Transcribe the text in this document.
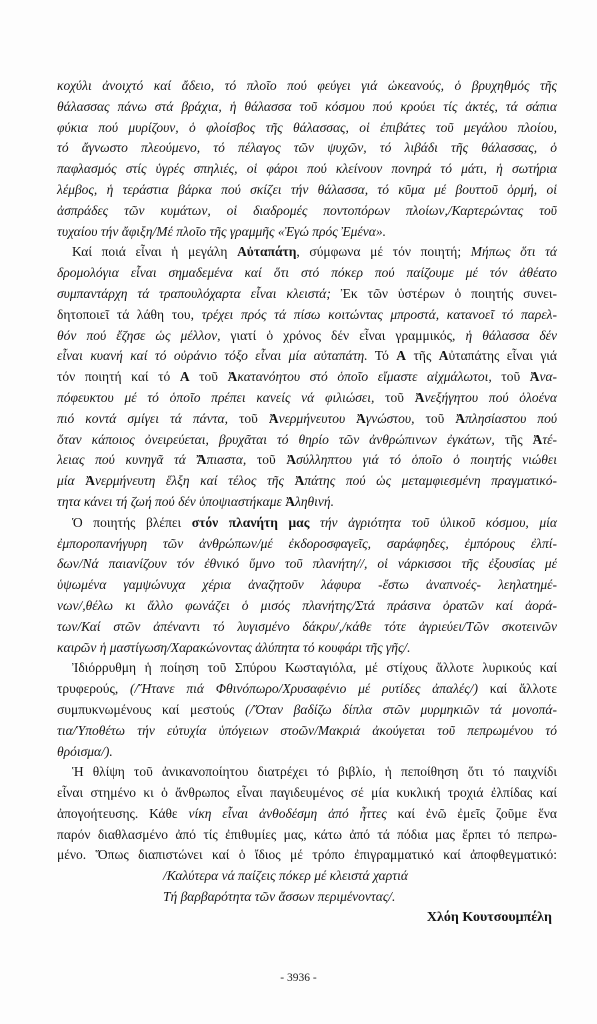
κοχύλι ἀνοιχτό καί ἄδειο, τό πλοῖο πού φεύγει γιά ὠκεανούς, ὁ βρυχηθμός τῆς
θάλασσας πάνω στά βράχια, ἡ θάλασσα τοῦ κόσμου πού κρούει τίς ἀκτές, τά σάπια
φύκια πού μυρίζουν, ὁ φλοίσβος τῆς θάλασσας, οἱ ἐπιβάτες τοῦ μεγάλου πλοίου,
τό ἄγνωστο πλεούμενο, τό πέλαγος τῶν ψυχῶν, τό λιβάδι τῆς θάλασσας, ὁ
παφλασμός στίς ὑγρές σπηλιές, οἱ φάροι πού κλείνουν πονηρά τό μάτι, ἡ σωτήρια
λέμβος, ἡ τεράστια βάρκα πού σκίζει τήν θάλασσα, τό κῦμα μέ βουττοῦ ὁρμή, οἱ
ἀσπράδες τῶν κυμάτων, οἱ διαδρομές ποντοπόρων πλοίων,/Καρτερώντας τοῦ
τυχαίου τήν ἄφιξη/Μέ πλοῖο τῆς γραμμῆς «Ἐγώ πρός Ἐμένα».
Καί ποιά εἶναι ἡ μεγάλη Αὐταπάτη, σύμφωνα μέ τόν ποιητή; Μήπως ὅτι τά
δρομολόγια εἶναι σημαδεμένα καί ὅτι στό πόκερ πού παίζουμε μέ τόν ἀθέατο
συμπαντάρχη τά τραπουλόχαρτα εἶναι κλειστά; Ἐκ τῶν ὑστέρων ὁ ποιητής συνει-
δητοποιεῖ τά λάθη του, τρέχει πρός τά πίσω κοιτώντας μπροστά, κατανοεῖ τό παρελ-
θόν πού ἔζησε ὡς μέλλον, γιατί ὁ χρόνος δέν εἶναι γραμμικός, ἡ θάλασσα δέν
εἶναι κυανή καί τό οὐράνιο τόξο εἶναι μία αὐταπάτη. Τό Α τῆς Αὐταπάτης εἶναι γιά
τόν ποιητή καί τό Α τοῦ Ἀκατανόητου στό ὁποῖο εἴμαστε αἰχμάλωτοι, τοῦ Ἀνα-
πόφευκτου μέ τό ὁποῖο πρέπει κανείς νά φιλιώσει, τοῦ Ἀνεξήγητου πού ὁλοένα
πιό κοντά σμίγει τά πάντα, τοῦ Ἀνερμήνευτου Ἀγνώστου, τοῦ Ἀπλησίαστου πού
ὅταν κάποιος ὀνειρεύεται, βρυχᾶται τό θηρίο τῶν ἀνθρώπινων ἐγκάτων, τῆς Ἀτέ-
λειας πού κυνηγᾶ τά Ἄπιαστα, τοῦ Ἀσύλληπτου γιά τό ὁποῖο ὁ ποιητής νιώθει
μία Ἀνερμήνευτη ἕλξη καί τέλος τῆς Ἀπάτης πού ὡς μεταμφιεσμένη πραγματικό-
τητα κάνει τή ζωή πού δέν ὑποψιαστήκαμε Ἀληθινή.
Ὁ ποιητής βλέπει στόν πλανήτη μας τήν ἀγριότητα τοῦ ὑλικοῦ κόσμου, μία
ἐμποροπανήγυρη τῶν ἀνθρώπων/μέ ἐκδοροσφαγεῖς, σαράφηδες, ἐμπόρους ἐλπί-
δων/Νά παιανίζουν τόν ἐθνικό ὕμνο τοῦ πλανήτη//, οἱ νάρκισσοι τῆς ἐξουσίας μέ
ὑψωμένα γαμψώνυχα χέρια ἀναζητοῦν λάφυρα -ἔστω ἀναπνοές- λεηλατημέ-
νων/,θέλω κι ἄλλο φωνάζει ὁ μισός πλανήτης/Στά πράσινα ὁρατῶν καί ἀορά-
των/Καί στῶν ἀπέναντι τό λυγισμένο δάκρυ/,/κάθε τότε ἀγριεύει/Τῶν σκοτεινῶν
καιρῶν ἡ μαστίγωση/Χαρακώνοντας ἀλύπητα τό κουφάρι τῆς γῆς/.
Ἰδιόρρυθμη ἡ ποίηση τοῦ Σπύρου Κωσταγιόλα, μέ στίχους ἄλλοτε λυρικούς καί
τρυφερούς, (/Ἤτανε πιά Φθινόπωρο/Χρυσαφένιο μέ ρυτίδες ἀπαλές/) καί ἄλλοτε
συμπυκνωμένους καί μεστούς (/Ὅταν βαδίζω δίπλα στῶν μυρμηκιῶν τά μονοπά-
τια/Ὑποθέτω τήν εὐτυχία ὑπόγειων στοῶν/Μακριά ἀκούγεται τοῦ πεπρωμένου τό
θρόισμα/).
Ἡ θλίψη τοῦ ἀνικανοποίητου διατρέχει τό βιβλίο, ἡ πεποίθηση ὅτι τό παιχνίδι
εἶναι στημένο κι ὁ ἄνθρωπος εἶναι παγιδευμένος σέ μία κυκλική τροχιά ἐλπίδας καί
ἀπογοήτευσης. Κάθε νίκη εἶναι ἀνθοδέσμη ἀπό ἧττες καί ἐνῶ ἐμεῖς ζοῦμε ἕνα
παρόν διαθλασμένο ἀπό τίς ἐπιθυμίες μας, κάτω ἀπό τά πόδια μας ἕρπει τό πεπρω-
μένο. Ὅπως διαπιστώνει καί ὁ ἴδιος μέ τρόπο ἐπιγραμματικό καί ἀποφθεγματικό:
/Καλύτερα νά παίζεις πόκερ μέ κλειστά χαρτιά
Τή βαρβαρότητα τῶν ἄσσων περιμένοντας/.
Χλόη Κουτσουμπέλη
- 3936 -
